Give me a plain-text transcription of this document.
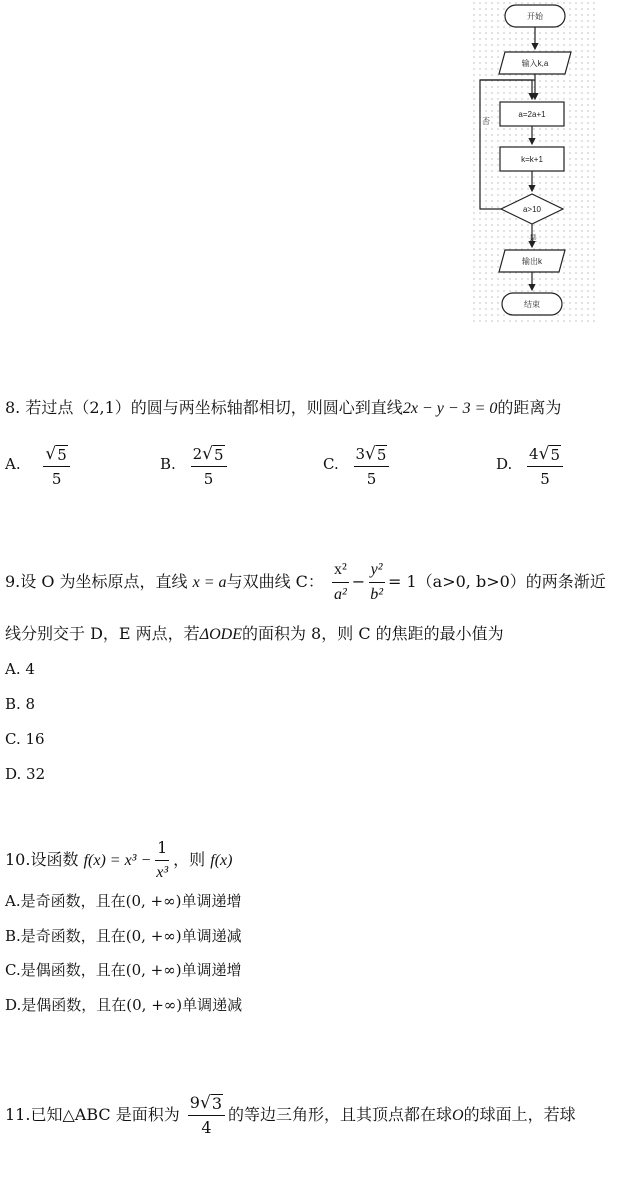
开始
输入k,a
a=2a+1
k=k+1
a>10
否
是
输出k
结束
8. 若过点（2,1）的圆与两坐标轴都相切，则圆心到直线2x − y − 3 = 0的距离为
A. $\frac{√ 5}{5}$	B. $\frac{2 √ 5}{5}$	C. $\frac{3 √ 5}{5}$	D. $\frac{4 √ 5}{5}$
9.设 O 为坐标原点，直线 x = a与双曲线 C： $\frac{\text{x²}}{\text{a²}} - \frac{\text{y²}}{\text{b²}} = 1(a>0$, b>0）的两条渐近
线分别交于 D，E 两点，若ΔODE的面积为 8，则 C 的焦距的最小值为
A. 4
B. 8
C. 16
D. 32
10.设函数 $f(x) = x^3 - \frac{1}{\text{x³}}$ ，则 f(x)
A.是奇函数，且在(0, +∞)单调递增
B.是奇函数，且在(0, +∞)单调递减
C.是偶函数，且在(0, +∞)单调递增
D.是偶函数，且在(0, +∞)单调递减
11.已知△ABC 是面积为 $\frac{9 √ 3}{4}$ 的等边三角形，且其顶点都在球O的球面上，若球
